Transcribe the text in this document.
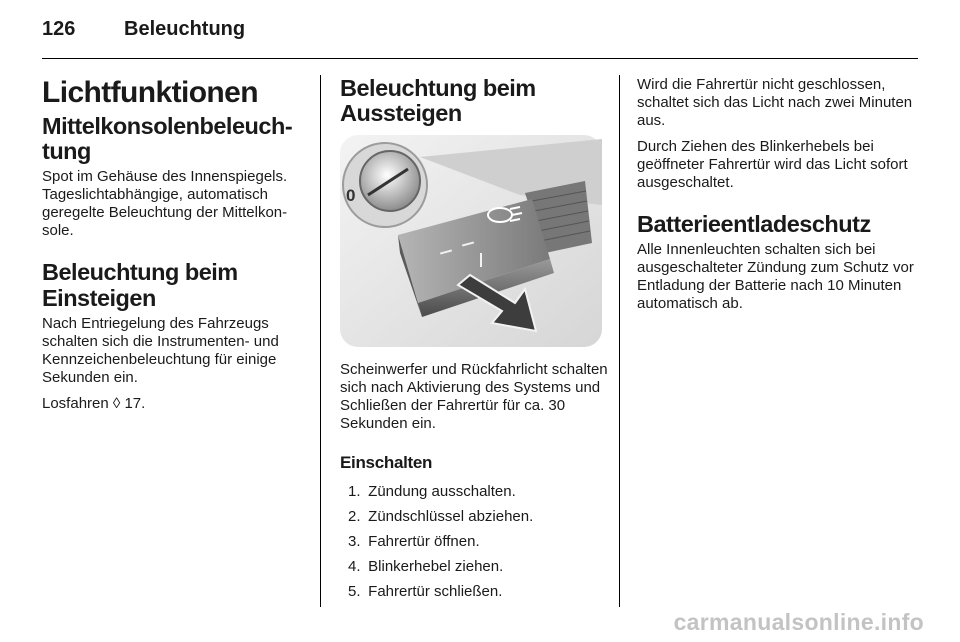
126 Beleuchtung
Lichtfunktionen
Mittelkonsolenbeleuch-tung

Spot im Gehäuse des Innenspiegels. Tageslichtabhängige, automatisch geregelte Beleuchtung der Mittelkon-sole.

Beleuchtung beim Einsteigen

Nach Entriegelung des Fahrzeugs schalten sich die Instrumenten- und Kennzeichenbeleuchtung für einige Sekunden ein.

Losfahren ◊ 17.

Beleuchtung beim Aussteigen
0

Scheinwerfer und Rückfahrlicht schalten sich nach Aktivierung des Systems und Schließen der Fahrertür für ca. 30 Sekunden ein.

Einschalten
1. Zündung ausschalten.
2. Zündschlüssel abziehen.
3. Fahrertür öffnen.
4. Blinkerhebel ziehen.
5. Fahrertür schließen.

Wird die Fahrertür nicht geschlossen, schaltet sich das Licht nach zwei Minuten aus.

Durch Ziehen des Blinkerhebels bei geöffneter Fahrertür wird das Licht sofort ausgeschaltet.

Batterieentladeschutz

Alle Innenleuchten schalten sich bei ausgeschalteter Zündung zum Schutz vor Entladung der Batterie nach 10 Minuten automatisch ab.

carmanualsonline.info
